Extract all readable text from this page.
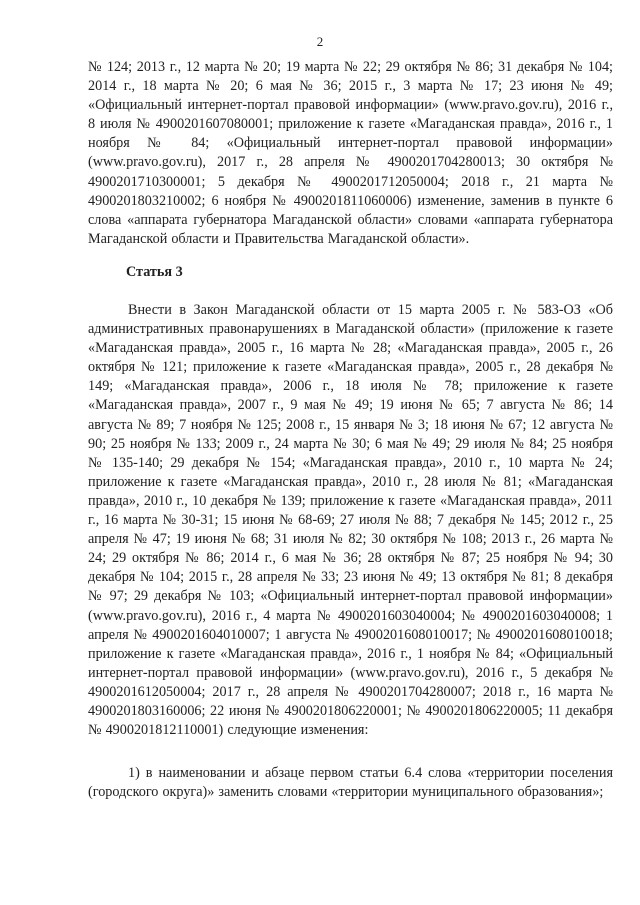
2

№ 124; 2013 г., 12 марта № 20; 19 марта № 22; 29 октября № 86; 31 декабря № 104; 2014 г., 18 марта № 20; 6 мая № 36; 2015 г., 3 марта № 17; 23 июня № 49; «Официальный интернет-портал правовой информации» (www.pravo.gov.ru), 2016 г., 8 июля № 4900201607080001; приложение к газете «Магаданская правда», 2016 г., 1 ноября № 84; «Официальный интернет-портал правовой информации» (www.pravo.gov.ru), 2017 г., 28 апреля № 4900201704280013; 30 октября № 4900201710300001; 5 декабря № 4900201712050004; 2018 г., 21 марта № 4900201803210002; 6 ноября № 4900201811060006) изменение, заменив в пункте 6 слова «аппарата губернатора Магаданской области» словами «аппарата губернатора Магаданской области и Правительства Магаданской области».

Статья 3

Внести в Закон Магаданской области от 15 марта 2005 г. № 583-ОЗ «Об административных правонарушениях в Магаданской области» (приложение к газете «Магаданская правда», 2005 г., 16 марта № 28; «Магаданская правда», 2005 г., 26 октября № 121; приложение к газете «Магаданская правда», 2005 г., 28 декабря № 149; «Магаданская правда», 2006 г., 18 июля № 78; приложение к газете «Магаданская правда», 2007 г., 9 мая № 49; 19 июня № 65; 7 августа № 86; 14 августа № 89; 7 ноября № 125; 2008 г., 15 января № 3; 18 июня № 67; 12 августа № 90; 25 ноября № 133; 2009 г., 24 марта № 30; 6 мая № 49; 29 июля № 84; 25 ноября № 135-140; 29 декабря № 154; «Магаданская правда», 2010 г., 10 марта № 24; приложение к газете «Магаданская правда», 2010 г., 28 июля № 81; «Магаданская правда», 2010 г., 10 декабря № 139; приложение к газете «Магаданская правда», 2011 г., 16 марта № 30-31; 15 июня № 68-69; 27 июля № 88; 7 декабря № 145; 2012 г., 25 апреля № 47; 19 июня № 68; 31 июля № 82; 30 октября № 108; 2013 г., 26 марта № 24; 29 октября № 86; 2014 г., 6 мая № 36; 28 октября № 87; 25 ноября № 94; 30 декабря № 104; 2015 г., 28 апреля № 33; 23 июня № 49; 13 октября № 81; 8 декабря № 97; 29 декабря № 103; «Официальный интернет-портал правовой информации» (www.pravo.gov.ru), 2016 г., 4 марта № 4900201603040004; № 4900201603040008; 1 апреля № 4900201604010007; 1 августа № 4900201608010017; № 4900201608010018; приложение к газете «Магаданская правда», 2016 г., 1 ноября № 84; «Официальный интернет-портал правовой информации» (www.pravo.gov.ru), 2016 г., 5 декабря № 4900201612050004; 2017 г., 28 апреля № 4900201704280007; 2018 г., 16 марта № 4900201803160006; 22 июня № 4900201806220001; № 4900201806220005; 11 декабря № 4900201812110001) следующие изменения:

1) в наименовании и абзаце первом статьи 6.4 слова «территории поселения (городского округа)» заменить словами «территории муниципального образования»;
